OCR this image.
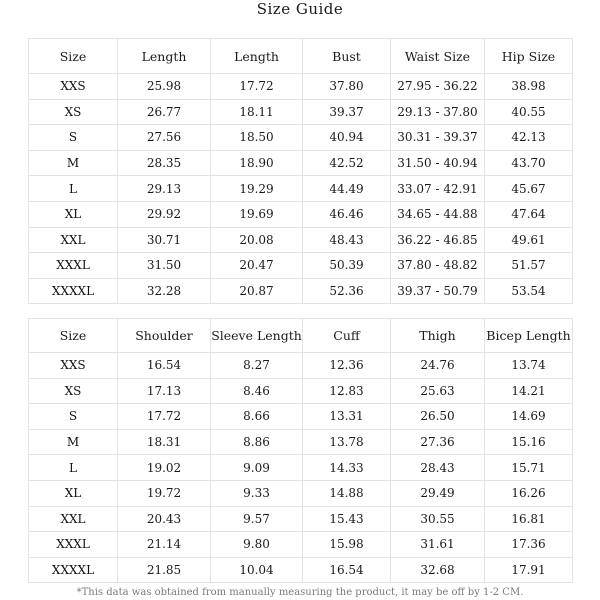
Size Guide
Size	Length	Length	Bust	Waist Size	Hip Size
XXS	25.98	17.72	37.80	27.95 - 36.22	38.98
XS	26.77	18.11	39.37	29.13 - 37.80	40.55
S	27.56	18.50	40.94	30.31 - 39.37	42.13
M	28.35	18.90	42.52	31.50 - 40.94	43.70
L	29.13	19.29	44.49	33.07 - 42.91	45.67
XL	29.92	19.69	46.46	34.65 - 44.88	47.64
XXL	30.71	20.08	48.43	36.22 - 46.85	49.61
XXXL	31.50	20.47	50.39	37.80 - 48.82	51.57
XXXXL	32.28	20.87	52.36	39.37 - 50.79	53.54
Size	Shoulder	Sleeve Length	Cuff	Thigh	Bicep Length
XXS	16.54	8.27	12.36	24.76	13.74
XS	17.13	8.46	12.83	25.63	14.21
S	17.72	8.66	13.31	26.50	14.69
M	18.31	8.86	13.78	27.36	15.16
L	19.02	9.09	14.33	28.43	15.71
XL	19.72	9.33	14.88	29.49	16.26
XXL	20.43	9.57	15.43	30.55	16.81
XXXL	21.14	9.80	15.98	31.61	17.36
XXXXL	21.85	10.04	16.54	32.68	17.91
*This data was obtained from manually measuring the product, it may be off by 1-2 CM.
